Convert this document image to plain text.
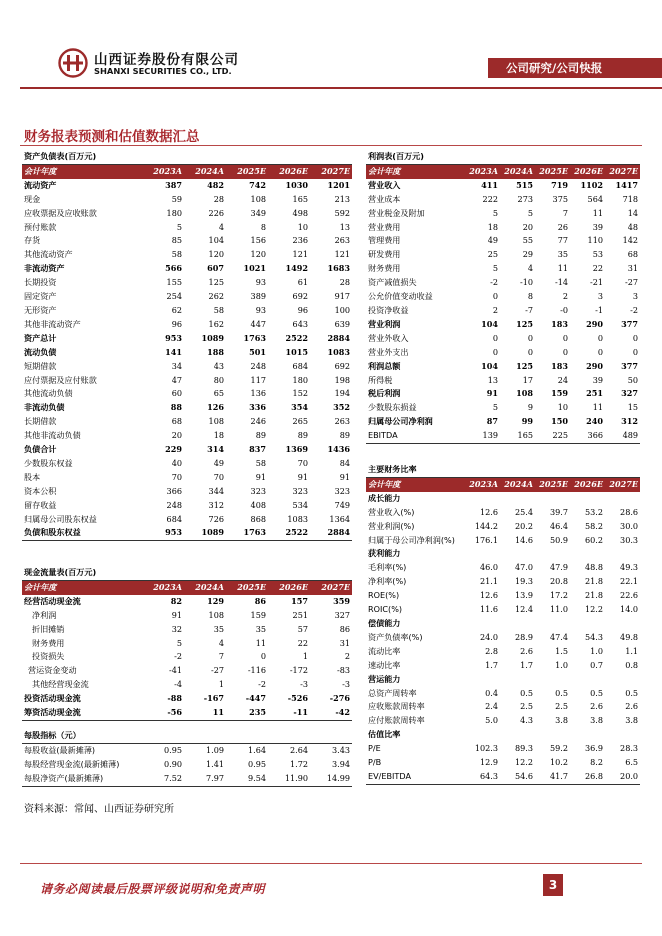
山西证券股份有限公司
SHANXI SECURITIES CO., LTD.	公司研究/公司快报
财务报表预测和估值数据汇总
资产负债表(百万元)					
会计年度	2023A	2024A	2025E	2026E	2027E
流动资产	387	482	742	1030	1201
现金	59	28	108	165	213
应收票据及应收账款	180	226	349	498	592
预付账款	5	4	8	10	13
存货	85	104	156	236	263
其他流动资产	58	120	120	121	121
非流动资产	566	607	1021	1492	1683
长期投资	155	125	93	61	28
固定资产	254	262	389	692	917
无形资产	62	58	93	96	100
其他非流动资产	96	162	447	643	639
资产总计	953	1089	1763	2522	2884
流动负债	141	188	501	1015	1083
短期借款	34	43	248	684	692
应付票据及应付账款	47	80	117	180	198
其他流动负债	60	65	136	152	194
非流动负债	88	126	336	354	352
长期借款	68	108	246	265	263
其他非流动负债	20	18	89	89	89
负债合计	229	314	837	1369	1436
少数股东权益	40	49	58	70	84
股本	70	70	91	91	91
资本公积	366	344	323	323	323
留存收益	248	312	408	534	749
归属母公司股东权益	684	726	868	1083	1364
负债和股东权益	953	1089	1763	2522	2884
现金流量表(百万元)					
会计年度	2023A	2024A	2025E	2026E	2027E
经营活动现金流	82	129	86	157	359
净利润	91	108	159	251	327
折旧摊销	32	35	35	57	86
财务费用	5	4	11	22	31
投资损失	-2	7	0	1	2
营运资金变动	-41	-27	-116	-172	-83
其他经营现金流	-4	1	-2	-3	-3
投资活动现金流	-88	-167	-447	-526	-276
筹资活动现金流	-56	11	235	-11	-42

每股指标（元）					
每股收益(最新摊薄)	0.95	1.09	1.64	2.64	3.43
每股经营现金流(最新摊薄)	0.90	1.41	0.95	1.72	3.94
每股净资产(最新摊薄)	7.52	7.97	9.54	11.90	14.99
利润表(百万元)					
会计年度	2023A	2024A	2025E	2026E	2027E
营业收入	411	515	719	1102	1417
营业成本	222	273	375	564	718
营业税金及附加	5	5	7	11	14
营业费用	18	20	26	39	48
管理费用	49	55	77	110	142
研发费用	25	29	35	53	68
财务费用	5	4	11	22	31
资产减值损失	-2	-10	-14	-21	-27
公允价值变动收益	0	8	2	3	3
投资净收益	2	-7	-0	-1	-2
营业利润	104	125	183	290	377
营业外收入	0	0	0	0	0
营业外支出	0	0	0	0	0
利润总额	104	125	183	290	377
所得税	13	17	24	39	50
税后利润	91	108	159	251	327
少数股东损益	5	9	10	11	15
归属母公司净利润	87	99	150	240	312
EBITDA	139	165	225	366	489
主要财务比率					
会计年度	2023A	2024A	2025E	2026E	2027E
成长能力					
营业收入(%)	12.6	25.4	39.7	53.2	28.6
营业利润(%)	144.2	20.2	46.4	58.2	30.0
归属于母公司净利润(%)	176.1	14.6	50.9	60.2	30.3
获利能力					
毛利率(%)	46.0	47.0	47.9	48.8	49.3
净利率(%)	21.1	19.3	20.8	21.8	22.1
ROE(%)	12.6	13.9	17.2	21.8	22.6
ROIC(%)	11.6	12.4	11.0	12.2	14.0
偿债能力					
资产负债率(%)	24.0	28.9	47.4	54.3	49.8
流动比率	2.8	2.6	1.5	1.0	1.1
速动比率	1.7	1.7	1.0	0.7	0.8
营运能力					
总资产周转率	0.4	0.5	0.5	0.5	0.5
应收账款周转率	2.4	2.5	2.5	2.6	2.6
应付账款周转率	5.0	4.3	3.8	3.8	3.8
估值比率					
P/E	102.3	89.3	59.2	36.9	28.3
P/B	12.9	12.2	10.2	8.2	6.5
EV/EBITDA	64.3	54.6	41.7	26.8	20.0
资料来源：常闻、山西证券研究所
请务必阅读最后股票评级说明和免责声明	3
